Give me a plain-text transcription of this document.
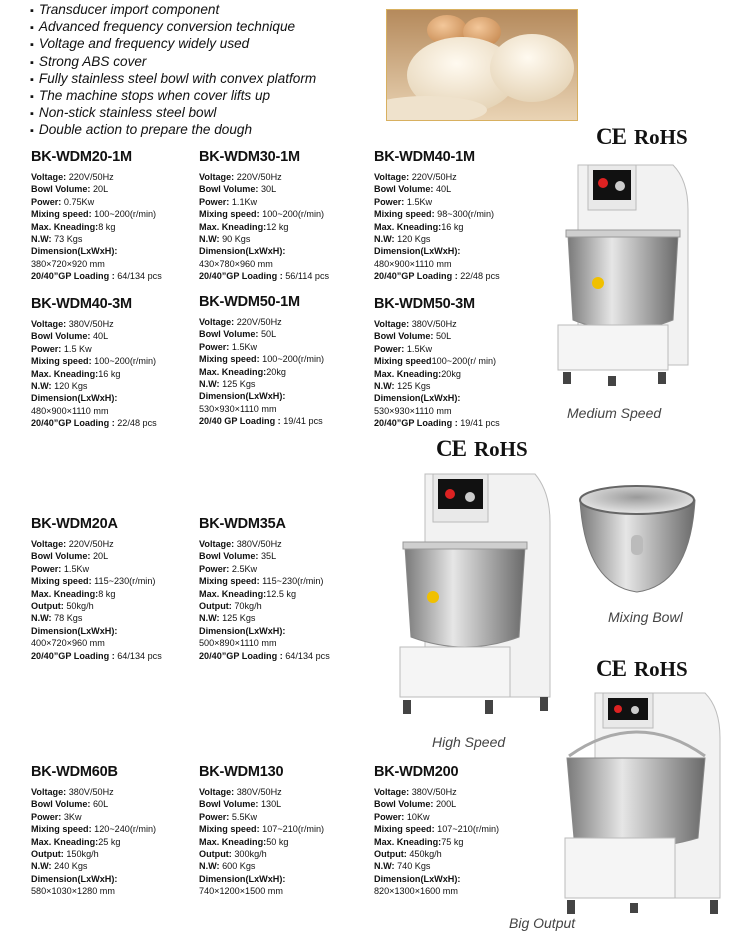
▪ Transducer import component
▪ Advanced frequency conversion technique
▪ Voltage and frequency widely used
▪ Strong ABS cover
▪ Fully stainless steel bowl with convex platform
▪ The machine stops when cover lifts up
▪ Non-stick stainless steel bowl
▪ Double action to prepare the dough	CE RoHS
CE RoHS
CE RoHS
Medium Speed
High Speed
Mixing Bowl
Big Output
BK-WDM20-1M
Voltage: 220V/50Hz
Bowl Volume: 20L
Power: 0.75Kw
Mixing speed: 100~200(r/min)
Max. Kneading:8 kg
N.W: 73 Kgs
Dimension(LxWxH):
380×720×920 mm
20/40”GP Loading : 64/134 pcs
BK-WDM30-1M
Voltage: 220V/50Hz
Bowl Volume: 30L
Power: 1.1Kw
Mixing speed: 100~200(r/min)
Max. Kneading:12 kg
N.W: 90 Kgs
Dimension(LxWxH):
430×780×960 mm
20/40”GP Loading : 56/114 pcs
BK-WDM40-1M
Voltage: 220V/50Hz
Bowl Volume: 40L
Power: 1.5Kw
Mixing speed: 98~300(r/min)
Max. Kneading:16 kg
N.W: 120 Kgs
Dimension(LxWxH):
480×900×1110 mm
20/40”GP Loading : 22/48 pcs
BK-WDM40-3M
Voltage: 380V/50Hz
Bowl Volume: 40L
Power: 1.5 Kw
Mixing speed: 100~200(r/min)
Max. Kneading:16 kg
N.W: 120 Kgs
Dimension(LxWxH):
480×900×1110 mm
20/40”GP Loading : 22/48 pcs
BK-WDM50-1M
Voltage: 220V/50Hz
Bowl Volume: 50L
Power: 1.5Kw
Mixing speed: 100~200(r/min)
Max. Kneading:20kg
N.W: 125 Kgs
Dimension(LxWxH):
530×930×1110 mm
20/40 GP Loading : 19/41 pcs
BK-WDM50-3M
Voltage: 380V/50Hz
Bowl Volume: 50L
Power: 1.5Kw
Mixing speed100~200(r/ min)
Max. Kneading:20kg
N.W: 125 Kgs
Dimension(LxWxH):
530×930×1110 mm
20/40”GP Loading : 19/41 pcs
BK-WDM20A
Voltage: 220V/50Hz
Bowl Volume: 20L
Power: 1.5Kw
Mixing speed: 115~230(r/min)
Max. Kneading:8 kg
Output: 50kg/h
N.W: 78 Kgs
Dimension(LxWxH):
400×720×960 mm
20/40”GP Loading : 64/134 pcs
BK-WDM35A
Voltage: 380V/50Hz
Bowl Volume: 35L
Power: 2.5Kw
Mixing speed: 115~230(r/min)
Max. Kneading:12.5 kg
Output: 70kg/h
N.W: 125 Kgs
Dimension(LxWxH):
500×890×1110 mm
20/40”GP Loading : 64/134 pcs
BK-WDM60B
Voltage: 380V/50Hz
Bowl Volume: 60L
Power: 3Kw
Mixing speed: 120~240(r/min)
Max. Kneading:25 kg
Output: 150kg/h
N.W: 240 Kgs
Dimension(LxWxH):
580×1030×1280 mm
BK-WDM130
Voltage: 380V/50Hz
Bowl Volume: 130L
Power: 5.5Kw
Mixing speed: 107~210(r/min)
Max. Kneading:50 kg
Output: 300kg/h
N.W: 600 Kgs
Dimension(LxWxH):
740×1200×1500 mm
BK-WDM200
Voltage: 380V/50Hz
Bowl Volume: 200L
Power: 10Kw
Mixing speed: 107~210(r/min)
Max. Kneading:75 kg
Output: 450kg/h
N.W: 740 Kgs
Dimension(LxWxH):
820×1300×1600 mm
